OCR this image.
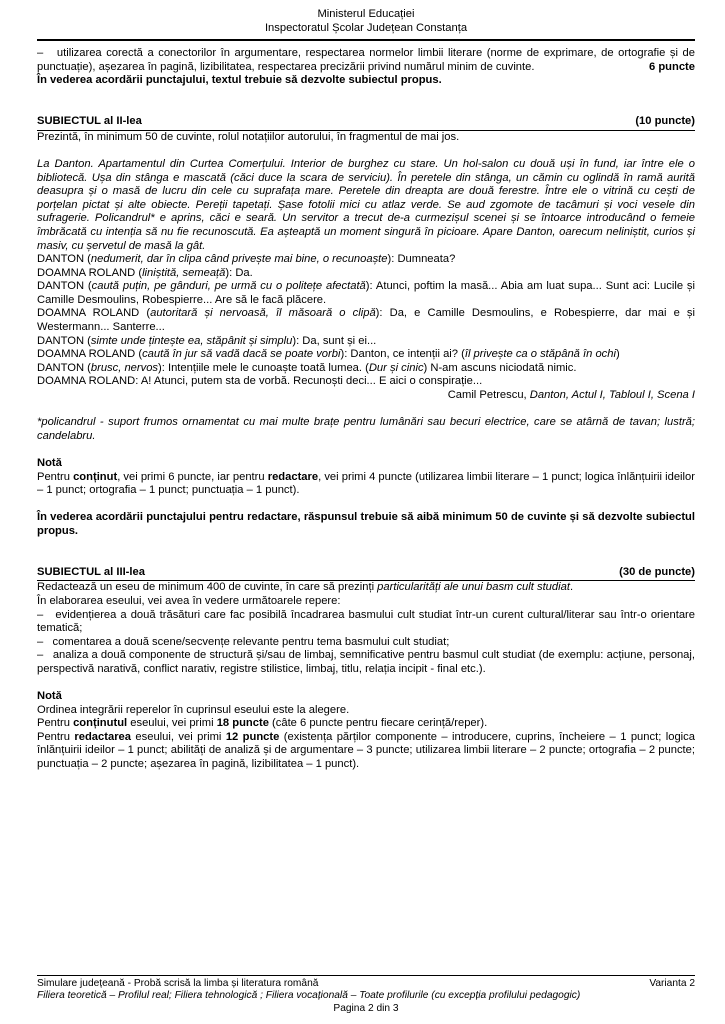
Ministerul Educației
Inspectoratul Școlar Județean Constanța

6 puncte
–   utilizarea corectă a conectorilor în argumentare, respectarea normelor limbii literare (norme de exprimare, de ortografie și de punctuație), așezarea în pagină, lizibilitatea, respectarea precizării privind numărul minim de cuvinte.

În vederea acordării punctajului, textul trebuie să dezvolte subiectul propus.

SUBIECTUL al II-lea	(10 puncte)

Prezintă, în minimum 50 de cuvinte, rolul notațiilor autorului, în fragmentul de mai jos.

La Danton. Apartamentul din Curtea Comerțului. Interior de burghez cu stare. Un hol-salon cu două uși în fund, iar între ele o bibliotecă. Ușa din stânga e mascată (căci duce la scara de serviciu). În peretele din stânga, un cămin cu oglindă în ramă aurită deasupra și o masă de lucru din cele cu suprafața mare. Peretele din dreapta are două ferestre. Între ele o vitrină cu cești de porțelan pictat și alte obiecte. Pereții tapetați. Șase fotolii mici cu atlaz verde. Se aud zgomote de tacâmuri și voci vesele din sufragerie. Policandrul* e aprins, căci e seară. Un servitor a trecut de-a curmezișul scenei și se întoarce introducând o femeie îmbrăcată cu intenția să nu fie recunoscută. Ea așteaptă un moment singură în picioare. Apare Danton, oarecum neliniștit, curios și masiv, cu șervetul de masă la gât.

DANTON (nedumerit, dar în clipa când privește mai bine, o recunoaște): Dumneata?

DOAMNA ROLAND (liniștită, semeață): Da.

DANTON (caută puțin, pe gânduri, pe urmă cu o politețe afectată): Atunci, poftim la masă... Abia am luat supa... Sunt aci: Lucile și Camille Desmoulins, Robespierre... Are să le facă plăcere.

DOAMNA ROLAND (autoritară și nervoasă, îl măsoară o clipă): Da, e Camille Desmoulins, e Robespierre, dar mai e și Westermann... Santerre...

DANTON (simte unde țintește ea, stăpânit și simplu): Da, sunt și ei...

DOAMNA ROLAND (caută în jur să vadă dacă se poate vorbi): Danton, ce intenții ai? (îl privește ca o stăpână în ochi)

DANTON (brusc, nervos): Intențiile mele le cunoaște toată lumea. (Dur și cinic) N-am ascuns niciodată nimic.

DOAMNA ROLAND: A! Atunci, putem sta de vorbă. Recunoști deci... E aici o conspirație...

Camil Petrescu, Danton, Actul I, Tabloul I, Scena I

*policandrul - suport frumos ornamentat cu mai multe brațe pentru lumânări sau becuri electrice, care se atârnă de tavan; lustră; candelabru.

Notă

Pentru conținut, vei primi 6 puncte, iar pentru redactare, vei primi 4 puncte (utilizarea limbii literare – 1 punct; logica înlănțuirii ideilor – 1 punct; ortografia – 1 punct; punctuația – 1 punct).

În vederea acordării punctajului pentru redactare, răspunsul trebuie să aibă minimum 50 de cuvinte și să dezvolte subiectul propus.

SUBIECTUL al III-lea	(30 de puncte)

Redactează un eseu de minimum 400 de cuvinte, în care să prezinți particularități ale unui basm cult studiat.

În elaborarea eseului, vei avea în vedere următoarele repere:

–   evidențierea a două trăsături care fac posibilă încadrarea basmului cult studiat într-un curent cultural/literar sau într-o orientare tematică;

–   comentarea a două scene/secvențe relevante pentru tema basmului cult studiat;

–   analiza a două componente de structură și/sau de limbaj, semnificative pentru basmul cult studiat (de exemplu: acțiune, personaj, perspectivă narativă, conflict narativ, registre stilistice, limbaj, titlu, relația incipit - final etc.).

Notă

Ordinea integrării reperelor în cuprinsul eseului este la alegere.

Pentru conținutul eseului, vei primi 18 puncte (câte 6 puncte pentru fiecare cerință/reper).

Pentru redactarea eseului, vei primi 12 puncte (existența părților componente – introducere, cuprins, încheiere – 1 punct; logica înlănțuirii ideilor – 1 punct; abilități de analiză și de argumentare – 3 puncte; utilizarea limbii literare – 2 puncte; ortografia – 2 puncte; punctuația – 2 puncte; așezarea în pagină, lizibilitatea – 1 punct).

Simulare județeană - Probă scrisă la limba și literatura română	Varianta 2
Filiera teoretică – Profilul real; Filiera tehnologică ; Filiera vocațională – Toate profilurile (cu excepția profilului pedagogic)
Pagina 2 din 3
